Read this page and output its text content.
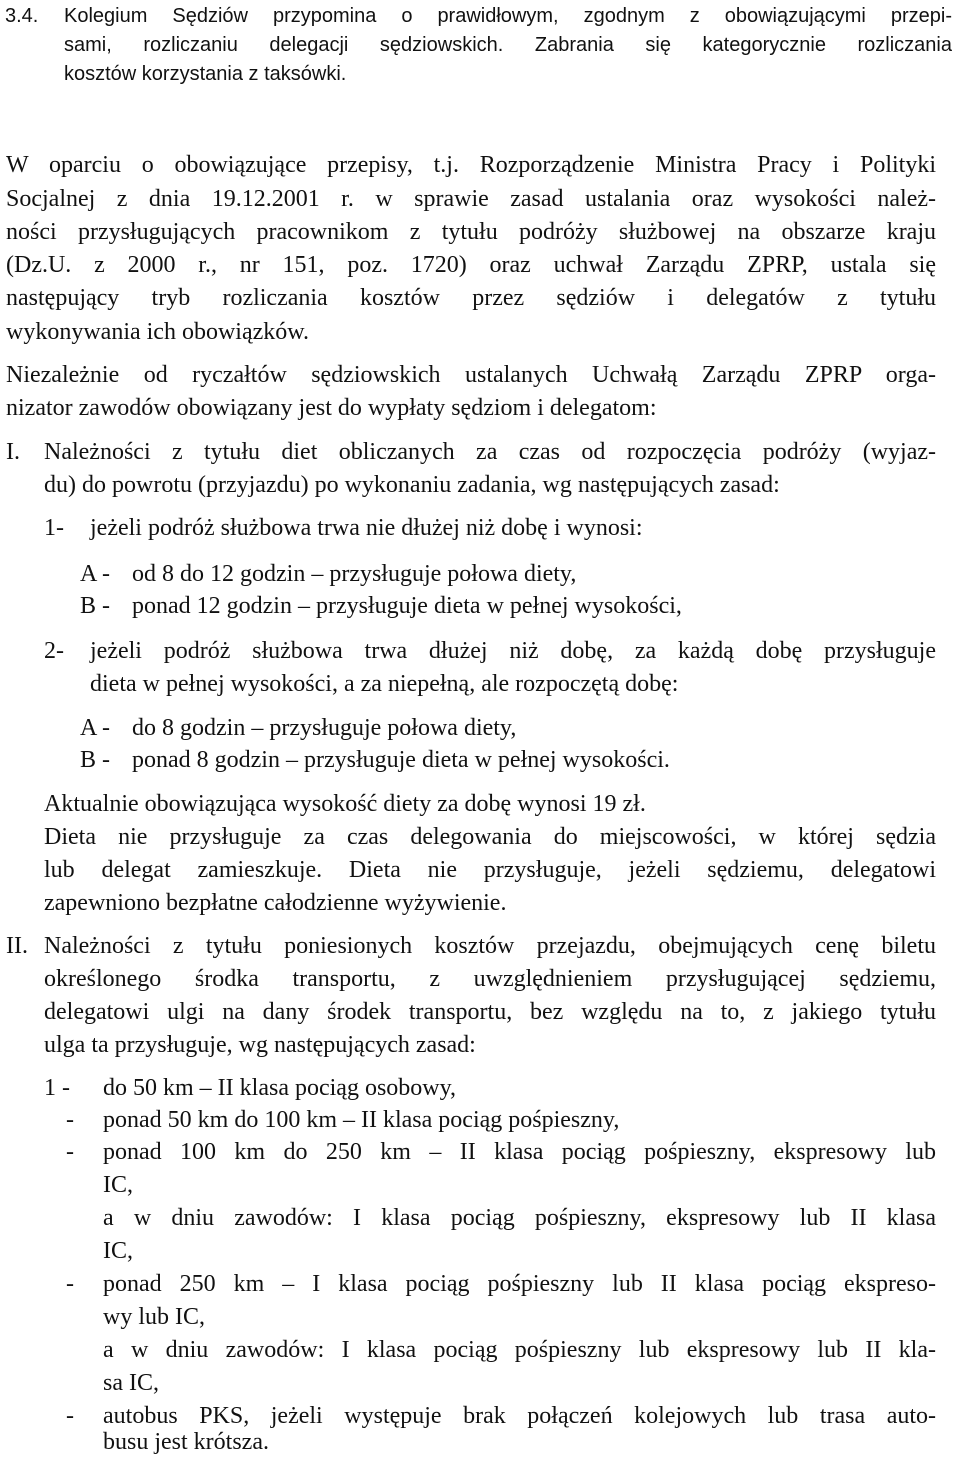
3.4. Kolegium Sędziów przypomina o prawidłowym, zgodnym z obowiązującymi przepi-

sami, rozliczaniu delegacji sędziowskich. Zabrania się kategorycznie rozliczania

kosztów korzystania z taksówki.

W oparciu o obowiązujące przepisy, t.j. Rozporządzenie Ministra Pracy i Polityki

Socjalnej z dnia 19.12.2001 r. w sprawie zasad ustalania oraz wysokości należ-

ności przysługujących pracownikom z tytułu podróży służbowej na obszarze kraju

(Dz.U. z 2000 r., nr 151, poz. 1720) oraz uchwał Zarządu ZPRP, ustala się

następujący tryb rozliczania kosztów przez sędziów i delegatów z tytułu

wykonywania ich obowiązków.

Niezależnie od ryczałtów sędziowskich ustalanych Uchwałą Zarządu ZPRP orga-

nizator zawodów obowiązany jest do wypłaty sędziom i delegatom:

I. Należności z tytułu diet obliczanych za czas od rozpoczęcia podróży (wyjaz-

du) do powrotu (przyjazdu) po wykonaniu zadania, wg następujących zasad:

1- jeżeli podróż służbowa trwa nie dłużej niż dobę i wynosi:

A - od 8 do 12 godzin – przysługuje połowa diety,

B - ponad 12 godzin – przysługuje dieta w pełnej wysokości,

2- jeżeli podróż służbowa trwa dłużej niż dobę, za każdą dobę przysługuje

dieta w pełnej wysokości, a za niepełną, ale rozpoczętą dobę:

A - do 8 godzin – przysługuje połowa diety,

B - ponad 8 godzin – przysługuje dieta w pełnej wysokości.

Aktualnie obowiązująca wysokość diety za dobę wynosi 19 zł.

Dieta nie przysługuje za czas delegowania do miejscowości, w której sędzia

lub delegat zamieszkuje. Dieta nie przysługuje, jeżeli sędziemu, delegatowi

zapewniono bezpłatne całodzienne wyżywienie.

II. Należności z tytułu poniesionych kosztów przejazdu, obejmujących cenę biletu

określonego środka transportu, z uwzględnieniem przysługującej sędziemu,

delegatowi ulgi na dany środek transportu, bez względu na to, z jakiego tytułu

ulga ta przysługuje, wg następujących zasad:

1 - do 50 km – II klasa pociąg osobowy,

- ponad 50 km do 100 km – II klasa pociąg pośpieszny,

- ponad 100 km do 250 km – II klasa pociąg pośpieszny, ekspresowy lub

IC,

a w dniu zawodów: I klasa pociąg pośpieszny, ekspresowy lub II klasa

IC,

- ponad 250 km – I klasa pociąg pośpieszny lub II klasa pociąg ekspreso-

wy lub IC,

a w dniu zawodów: I klasa pociąg pośpieszny lub ekspresowy lub II kla-

sa IC,

- autobus PKS, jeżeli występuje brak połączeń kolejowych lub trasa auto-

busu jest krótsza.
